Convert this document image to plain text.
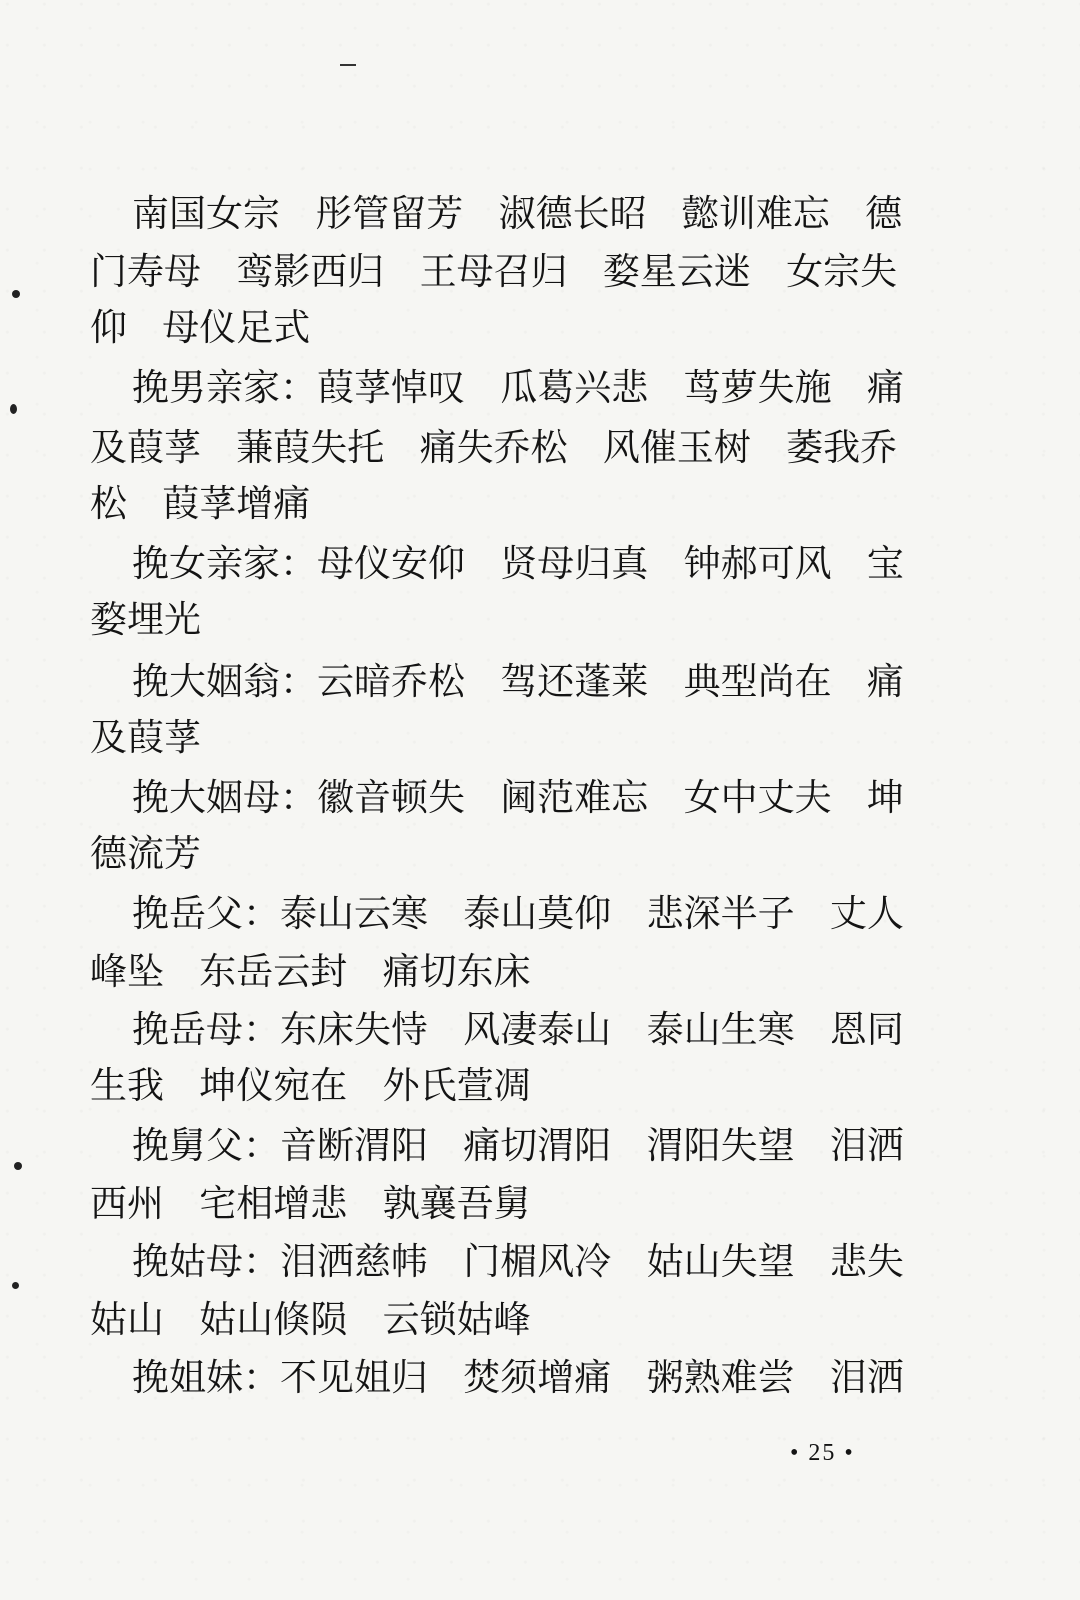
南国女宗   彤管留芳   淑德长昭   懿训难忘   德
门寿母   鸾影西归   王母召归   婺星云迷   女宗失
仰   母仪足式
挽男亲家：葭莩悼叹   瓜葛兴悲   茑萝失施   痛
及葭莩   蒹葭失托   痛失乔松   风催玉树   萎我乔
松   葭莩增痛
挽女亲家：母仪安仰   贤母归真   钟郝可风   宝
婺埋光
挽大姻翁：云暗乔松   驾还蓬莱   典型尚在   痛
及葭莩
挽大姻母：徽音顿失   阃范难忘   女中丈夫   坤
德流芳
挽岳父：泰山云寒   泰山莫仰   悲深半子   丈人
峰坠   东岳云封   痛切东床
挽岳母：东床失恃   风凄泰山   泰山生寒   恩同
生我   坤仪宛在   外氏萱凋
挽舅父：音断渭阳   痛切渭阳   渭阳失望   泪洒
西州   宅相增悲   孰襄吾舅
挽姑母：泪洒慈帏   门楣风冷   姑山失望   悲失
姑山   姑山倏陨   云锁姑峰
挽姐妹：不见姐归   焚须增痛   粥熟难尝   泪洒
• 25 •
